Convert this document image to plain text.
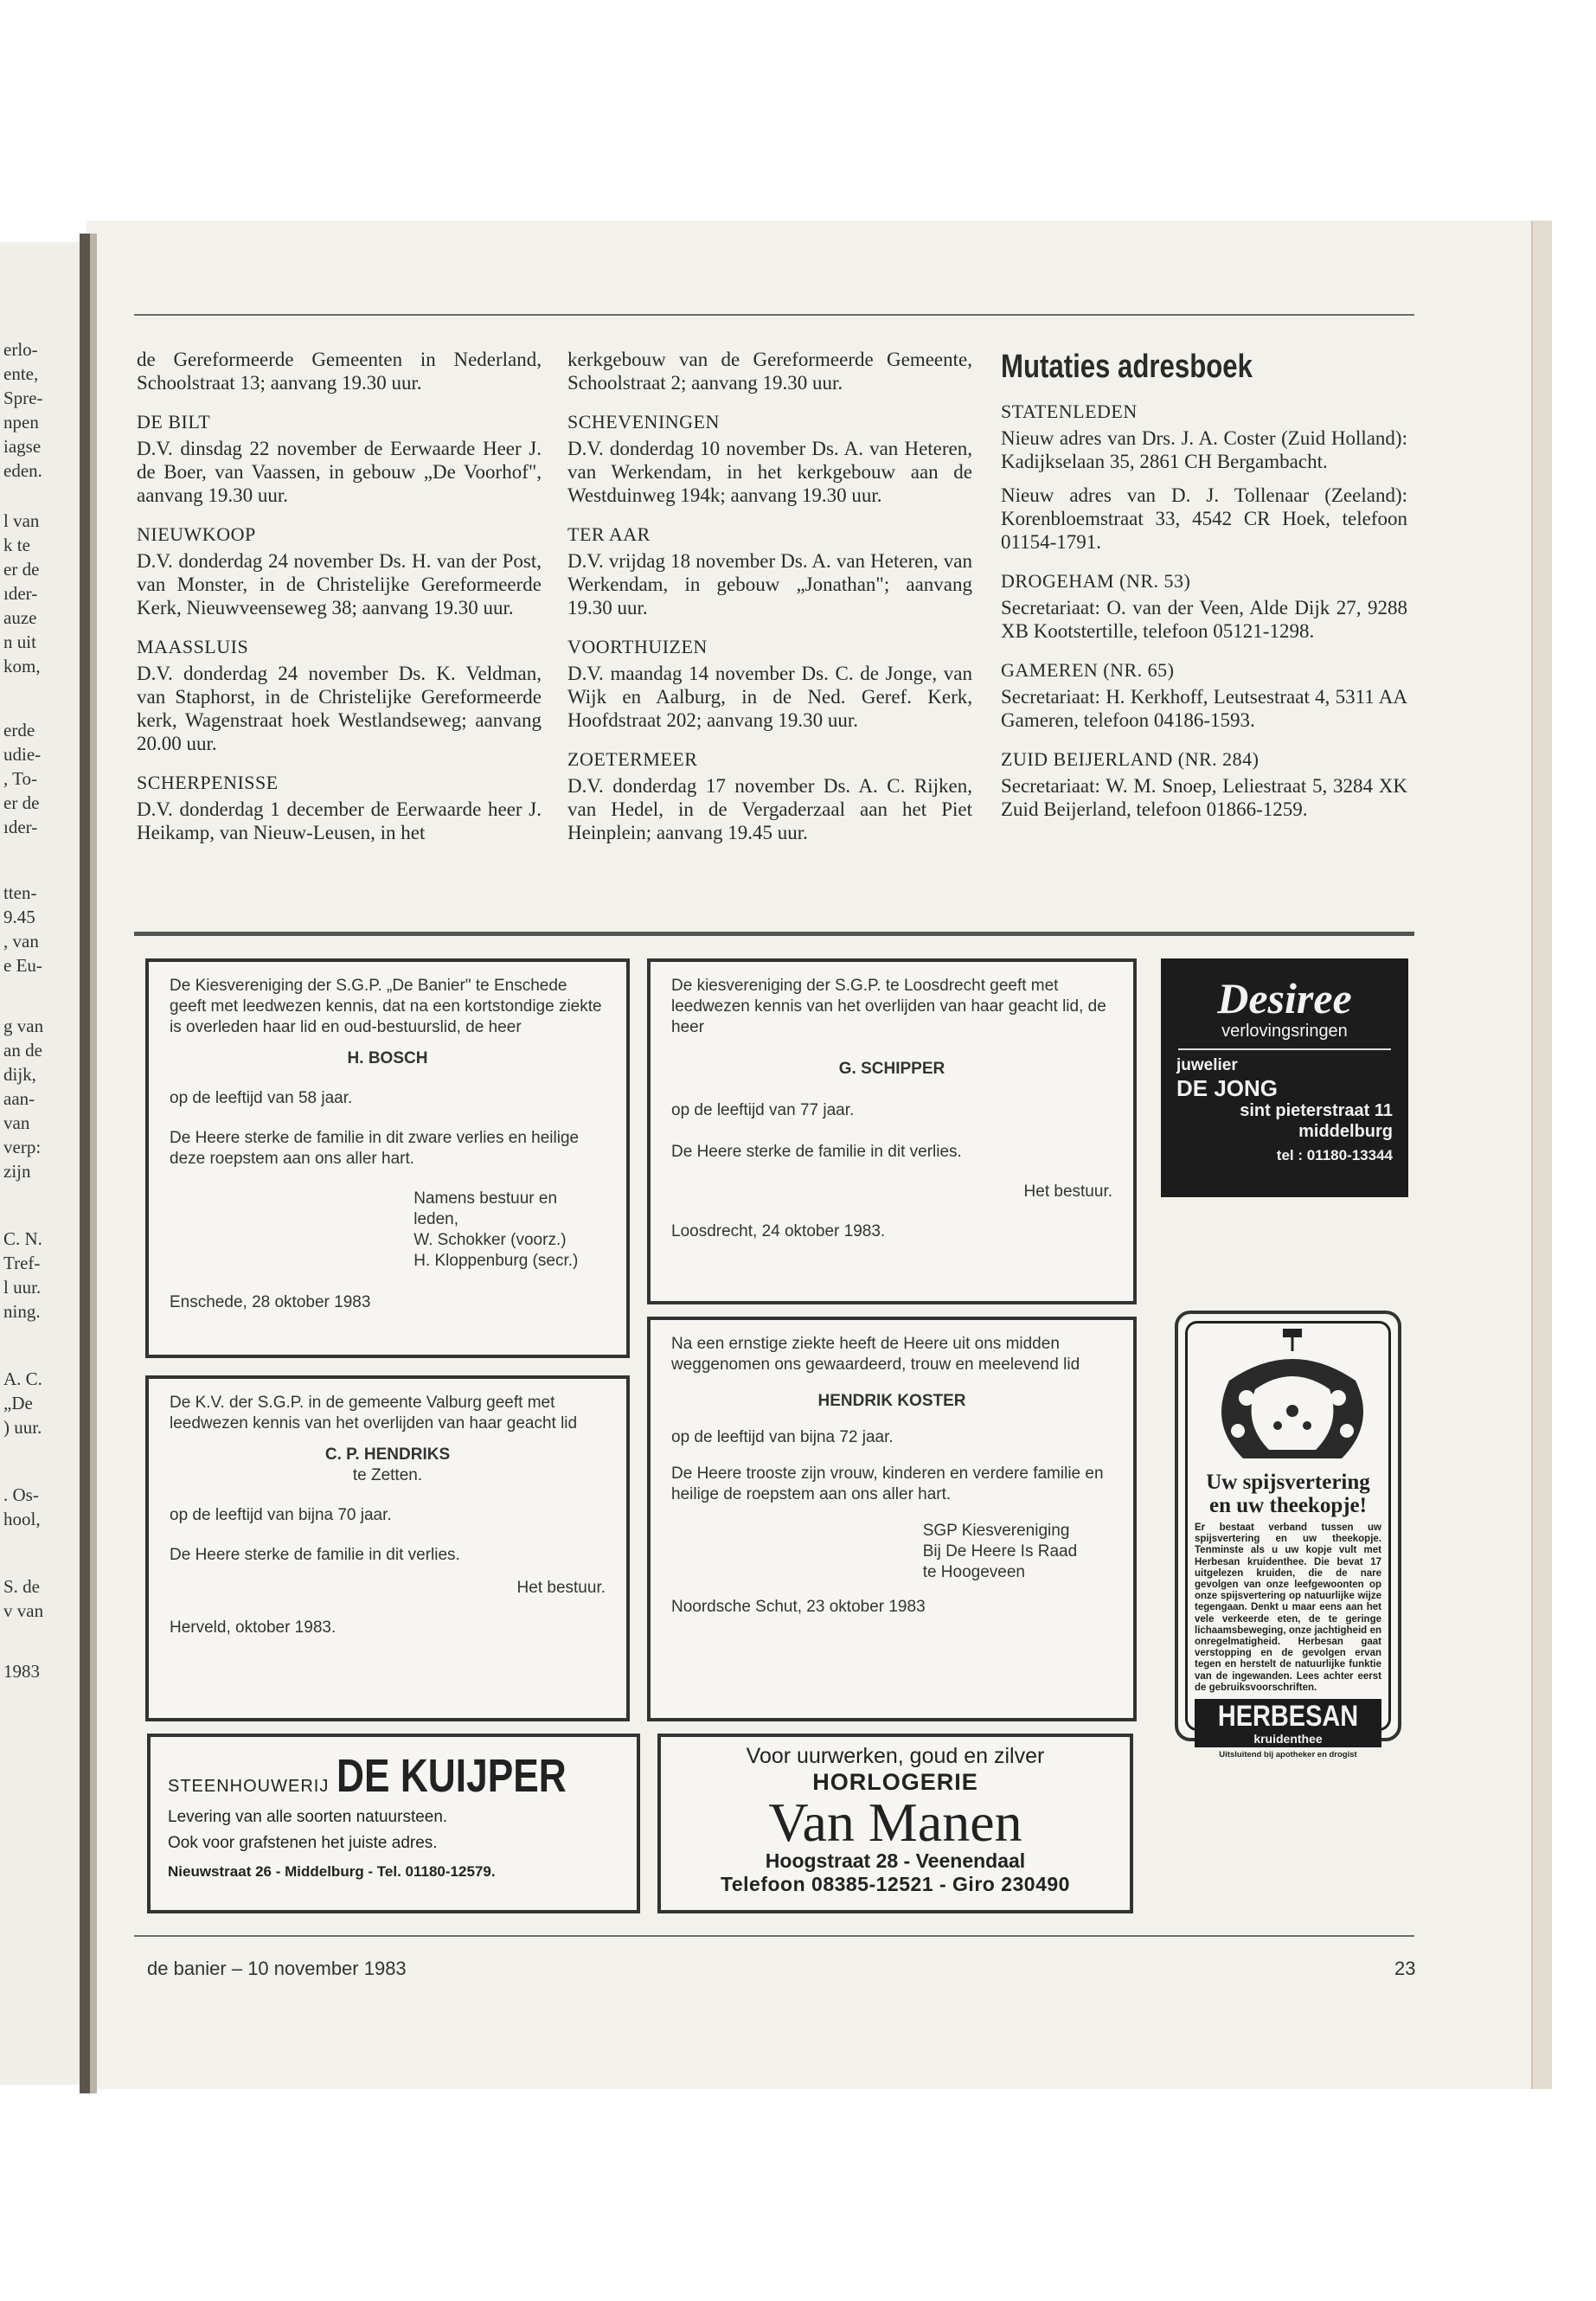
erlo-
ente,
Spre-
npen
iagse
eden.
l van
k te
er de
ıder-
auze
n uit
kom,
erde
udie-
, To-
er de
ıder-
tten-
9.45
, van
e Eu-
g van
an de
dijk,
aan-
van
verp:
zijn
C. N.
Tref-
l uur.
ning.
A. C.
„De
) uur.
. Os-
hool,
S. de
v van
1983

de Gereformeerde Gemeenten in Nederland, Schoolstraat 13; aanvang 19.30 uur.

DE BILT

D.V. dinsdag 22 november de Eerwaarde Heer J. de Boer, van Vaassen, in gebouw „De Voorhof", aanvang 19.30 uur.

NIEUWKOOP

D.V. donderdag 24 november Ds. H. van der Post, van Monster, in de Christelijke Gereformeerde Kerk, Nieuwveenseweg 38; aanvang 19.30 uur.

MAASSLUIS

D.V. donderdag 24 november Ds. K. Veldman, van Staphorst, in de Christelijke Gereformeerde kerk, Wagenstraat hoek Westlandseweg; aanvang 20.00 uur.

SCHERPENISSE

D.V. donderdag 1 december de Eerwaarde heer J. Heikamp, van Nieuw-Leusen, in het

kerkgebouw van de Gereformeerde Gemeente, Schoolstraat 2; aanvang 19.30 uur.

SCHEVENINGEN

D.V. donderdag 10 november Ds. A. van Heteren, van Werkendam, in het kerkgebouw aan de Westduinweg 194k; aanvang 19.30 uur.

TER AAR

D.V. vrijdag 18 november Ds. A. van Heteren, van Werkendam, in gebouw „Jonathan"; aanvang 19.30 uur.

VOORTHUIZEN

D.V. maandag 14 november Ds. C. de Jonge, van Wijk en Aalburg, in de Ned. Geref. Kerk, Hoofdstraat 202; aanvang 19.30 uur.

ZOETERMEER

D.V. donderdag 17 november Ds. A. C. Rijken, van Hedel, in de Vergaderzaal aan het Piet Heinplein; aanvang 19.45 uur.

Mutaties adresboek

STATENLEDEN

Nieuw adres van Drs. J. A. Coster (Zuid Holland): Kadijkselaan 35, 2861 CH Bergambacht.

Nieuw adres van D. J. Tollenaar (Zeeland): Korenbloemstraat 33, 4542 CR Hoek, telefoon 01154-1791.

DROGEHAM (NR. 53)

Secretariaat: O. van der Veen, Alde Dijk 27, 9288 XB Kootstertille, telefoon 05121-1298.

GAMEREN (NR. 65)

Secretariaat: H. Kerkhoff, Leutsestraat 4, 5311 AA Gameren, telefoon 04186-1593.

ZUID BEIJERLAND (NR. 284)

Secretariaat: W. M. Snoep, Leliestraat 5, 3284 XK Zuid Beijerland, telefoon 01866-1259.

De Kiesvereniging der S.G.P. „De Banier" te Enschede geeft met leedwezen kennis, dat na een kortstondige ziekte is overleden haar lid en oud-bestuurslid, de heer

H. BOSCH

op de leeftijd van 58 jaar.

De Heere sterke de familie in dit zware verlies en heilige deze roepstem aan ons aller hart.

Namens bestuur en leden,
W. Schokker (voorz.)
H. Kloppenburg (secr.)

Enschede, 28 oktober 1983

De kiesvereniging der S.G.P. te Loosdrecht geeft met leedwezen kennis van het overlijden van haar geacht lid, de heer

G. SCHIPPER

op de leeftijd van 77 jaar.

De Heere sterke de familie in dit verlies.

Het bestuur.

Loosdrecht, 24 oktober 1983.

De K.V. der S.G.P. in de gemeente Valburg geeft met leedwezen kennis van het overlijden van haar geacht lid

C. P. HENDRIKS

te Zetten.

op de leeftijd van bijna 70 jaar.

De Heere sterke de familie in dit verlies.

Het bestuur.

Herveld, oktober 1983.

Na een ernstige ziekte heeft de Heere uit ons midden weggenomen ons gewaardeerd, trouw en meelevend lid

HENDRIK KOSTER

op de leeftijd van bijna 72 jaar.

De Heere trooste zijn vrouw, kinderen en verdere familie en heilige de roepstem aan ons aller hart.

SGP Kiesvereniging
Bij De Heere Is Raad
te Hoogeveen

Noordsche Schut, 23 oktober 1983

Desiree
verlovingsringen
juwelier
DE JONG
sint pieterstraat 11
middelburg
tel : 01180-13344
Uw spijsvertering en uw theekopje!
Er bestaat verband tussen uw spijsvertering en uw theekopje. Tenminste als u uw kopje vult met Herbesan kruidenthee. Die bevat 17 uitgelezen kruiden, die de nare gevolgen van onze leefgewoonten op onze spijsvertering op natuurlijke wijze tegengaan. Denkt u maar eens aan het vele verkeerde eten, de te geringe lichaamsbeweging, onze jachtigheid en onregelmatigheid. Herbesan gaat verstopping en de gevolgen ervan tegen en herstelt de natuurlijke funktie van de ingewanden. Lees achter eerst de gebruiksvoorschriften.
HERBESAN
kruidenthee
Uitsluitend bij apotheker en drogist
STEENHOUWERIJ DE KUIJPER
Levering van alle soorten natuursteen.
Ook voor grafstenen het juiste adres.
Nieuwstraat 26 - Middelburg - Tel. 01180-12579.
Voor uurwerken, goud en zilver
HORLOGERIE
Van Manen
Hoogstraat 28 - Veenendaal
Telefoon 08385-12521 - Giro 230490
de banier – 10 november 1983	23
